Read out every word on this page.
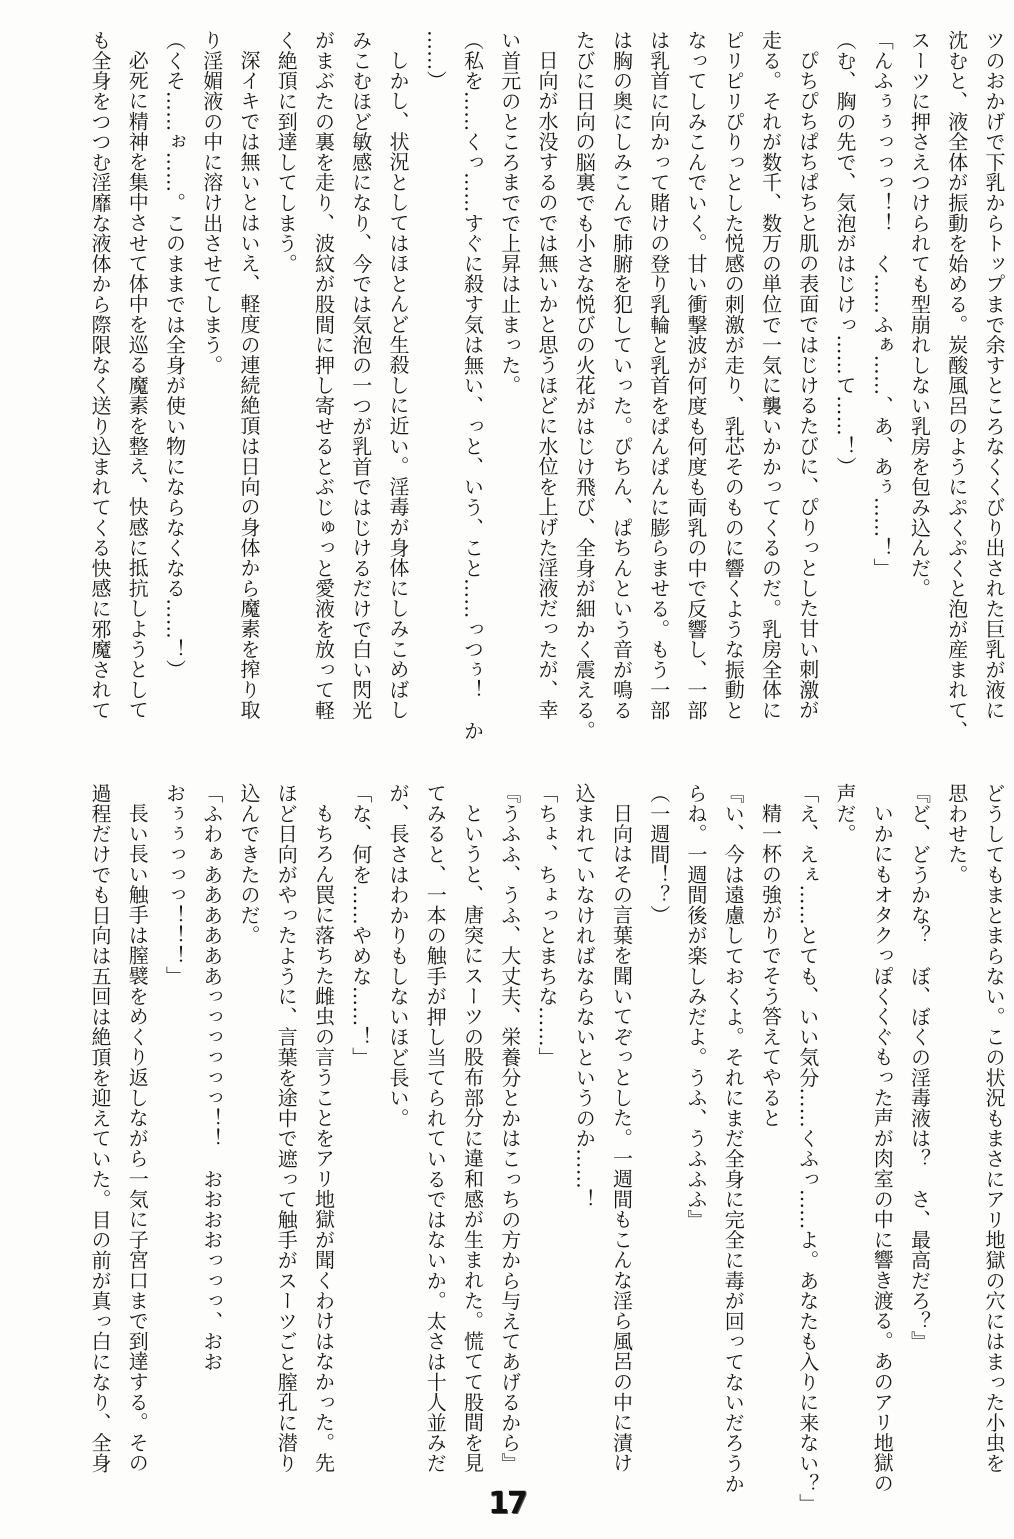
ツのおかげで下乳からトップまで余すところなくくびり出された巨乳が液に

沈むと、液全体が振動を始める。炭酸風呂のようにぷくぷくと泡が産まれて、

スーツに押さえつけられても型崩れしない乳房を包み込んだ。

「んふぅぅっっっ！！　く……ふぁ……、あ、あぅ……！」

（む、胸の先で、気泡がはじけっ……て……！）

ぴちぴちぱちぱちと肌の表面ではじけるたびに、ぴりっとした甘い刺激が

走る。それが数千、数万の単位で一気に襲いかかってくるのだ。乳房全体に

ピリピリぴりっとした悦感の刺激が走り、乳芯そのものに響くような振動と

なってしみこんでいく。甘い衝撃波が何度も何度も両乳の中で反響し、一部

は乳首に向かって賭けの登り乳輪と乳首をぱんぱんに膨らませる。もう一部

は胸の奥にしみこんで肺腑を犯していった。ぴちん、ぱちんという音が鳴る

たびに日向の脳裏でも小さな悦びの火花がはじけ飛び、全身が細かく震える。

日向が水没するのでは無いかと思うほどに水位を上げた淫液だったが、幸

い首元のところまでで上昇は止まった。

（私を……くっ……すぐに殺す気は無い、っと、いう、こと……っつぅ！　か

……）

しかし、状況としてはほとんど生殺しに近い。淫毒が身体にしみこめばし

みこむほど敏感になり、今では気泡の一つが乳首ではじけるだけで白い閃光

がまぶたの裏を走り、波紋が股間に押し寄せるとぶじゅっと愛液を放って軽

く絶頂に到達してしまう。

深イキでは無いとはいえ、軽度の連続絶頂は日向の身体から魔素を搾り取

り淫媚液の中に溶け出させてしまう。

（くそ……ぉ……。このままでは全身が使い物にならなくなる……！）

必死に精神を集中させて体中を巡る魔素を整え、快感に抵抗しようとして

も全身をつつむ淫靡な液体から際限なく送り込まれてくる快感に邪魔されて

どうしてもまとまらない。この状況もまさにアリ地獄の穴にはまった小虫を

思わせた。

『ど、どうかな？　ぼ、ぼくの淫毒液は？　さ、最高だろ？』

いかにもオタクっぽくくぐもった声が肉室の中に響き渡る。あのアリ地獄の

声だ。

「え、えぇ……とても、いい気分……くふっ……よ。あなたも入りに来ない？」

精一杯の強がりでそう答えてやると

『い、今は遠慮しておくよ。それにまだ全身に完全に毒が回ってないだろうか

らね。一週間後が楽しみだよ。うふ、うふふふ』

（一週間！？）

日向はその言葉を聞いてぞっとした。一週間もこんな淫ら風呂の中に漬け

込まれていなければならないというのか……！

「ちょ、ちょっとまちな……」

『うふふ、うふ、大丈夫、栄養分とかはこっちの方から与えてあげるから』

というと、唐突にスーツの股布部分に違和感が生まれた。慌てて股間を見

てみると、一本の触手が押し当てられているではないか。太さは十人並みだ

が、長さはわかりもしないほど長い。

「な、何を……やめな……！」

もちろん罠に落ちた雌虫の言うことをアリ地獄が聞くわけはなかった。先

ほど日向がやったように、言葉を途中で遮って触手がスーツごと膣孔に潜り

込んできたのだ。

「ふわぁああああああっっっっっっ！！　おおおおっっっ、おお

おぅぅっっっ！！！」

長い長い触手は膣襞をめくり返しながら一気に子宮口まで到達する。その

過程だけでも日向は五回は絶頂を迎えていた。目の前が真っ白になり、全身

17
